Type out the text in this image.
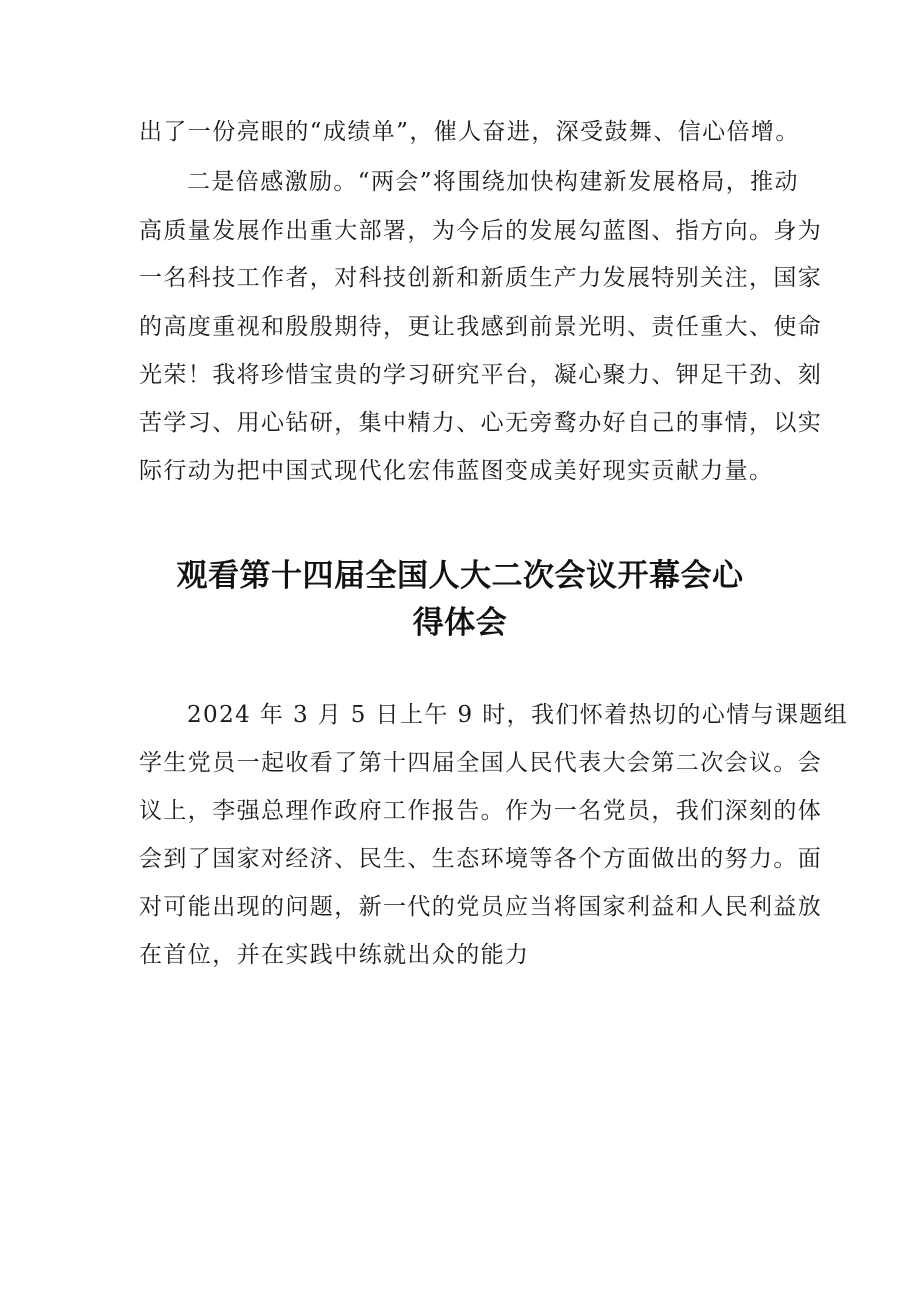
出了一份亮眼的“成绩单”，催人奋进，深受鼓舞、信心倍增。

二是倍感激励。“两会”将围绕加快构建新发展格局，推动

高质量发展作出重大部署，为今后的发展勾蓝图、指方向。身为

一名科技工作者，对科技创新和新质生产力发展特别关注，国家

的高度重视和殷殷期待，更让我感到前景光明、责任重大、使命

光荣！我将珍惜宝贵的学习研究平台，凝心聚力、钾足干劲、刻

苦学习、用心钻研，集中精力、心无旁鹜办好自己的事情，以实

际行动为把中国式现代化宏伟蓝图变成美好现实贡献力量。

观看第十四届全国人大二次会议开幕会心
得体会

2024 年 3 月 5 日上午 9 时，我们怀着热切的心情与课题组

学生党员一起收看了第十四届全国人民代表大会第二次会议。会

议上，李强总理作政府工作报告。作为一名党员，我们深刻的体

会到了国家对经济、民生、生态环境等各个方面做出的努力。面

对可能出现的问题，新一代的党员应当将国家利益和人民利益放

在首位，并在实践中练就出众的能力
